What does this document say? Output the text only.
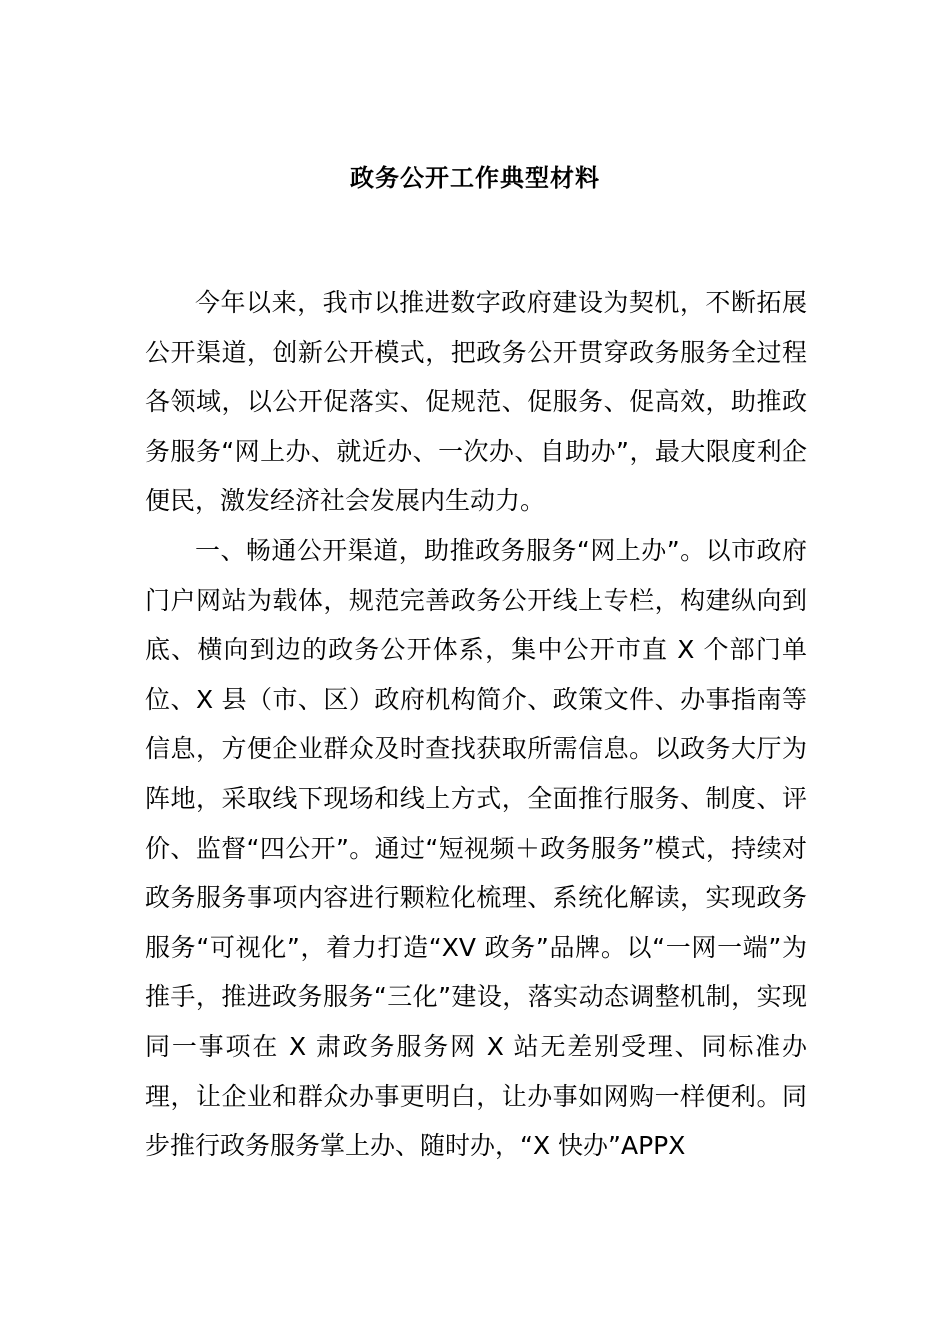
政务公开工作典型材料

今年以来，我市以推进数字政府建设为契机，不断拓展公开渠道，创新公开模式，把政务公开贯穿政务服务全过程各领域，以公开促落实、促规范、促服务、促高效，助推政务服务“网上办、就近办、一次办、自助办”，最大限度利企便民，激发经济社会发展内生动力。

一、畅通公开渠道，助推政务服务“网上办”。以市政府门户网站为载体，规范完善政务公开线上专栏，构建纵向到底、横向到边的政务公开体系，集中公开市直 X 个部门单位、X 县（市、区）政府机构简介、政策文件、办事指南等信息，方便企业群众及时查找获取所需信息。以政务大厅为阵地，采取线下现场和线上方式，全面推行服务、制度、评价、监督“四公开”。通过“短视频＋政务服务”模式，持续对政务服务事项内容进行颗粒化梳理、系统化解读，实现政务服务“可视化”，着力打造“XV 政务”品牌。以“一网一端”为推手，推进政务服务“三化”建设，落实动态调整机制，实现同一事项在 X 肃政务服务网 X 站无差别受理、同标准办理，让企业和群众办事更明白，让办事如网购一样便利。同步推行政务服务掌上办、随时办，“X 快办”APPX
